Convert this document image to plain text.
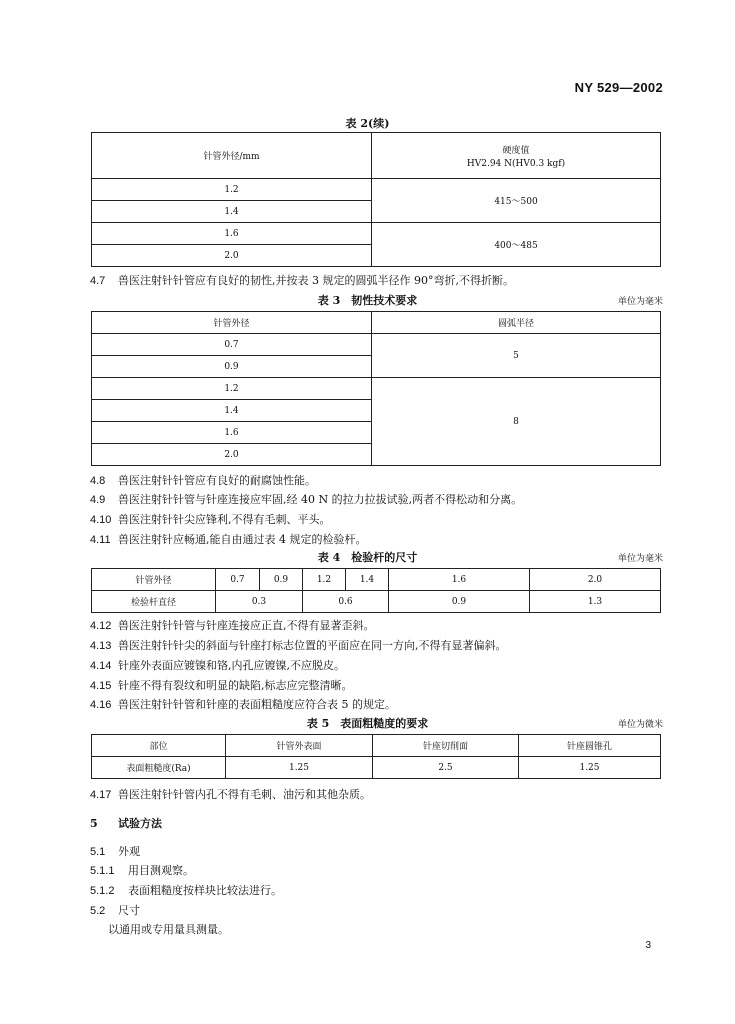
NY 529—2002
表 2(续)
针管外径/mm	硬度值
HV2.94 N(HV0.3 kgf)

1.2	415～500
1.4	
1.6	400～485
2.0	
4.7 兽医注射针针管应有良好的韧性,并按表 3 规定的圆弧半径作 90°弯折,不得折断。
表 3　韧性技术要求	单位为毫米
针管外径	圆弧半径
0.7	5
0.9	
1.2	8
1.4	
1.6	
2.0	
4.8 兽医注射针针管应有良好的耐腐蚀性能。
4.9 兽医注射针针管与针座连接应牢固,经 40 N 的拉力拉拔试验,两者不得松动和分离。
4.10 兽医注射针针尖应锋利,不得有毛刺、平头。
4.11 兽医注射针应畅通,能自由通过表 4 规定的检验杆。
表 4　检验杆的尺寸	单位为毫米
针管外径	0.7	0.9	1.2	1.4	1.6	2.0
检验杆直径	0.3		0.6		0.9	1.3
4.12 兽医注射针针管与针座连接应正直,不得有显著歪斜。
4.13 兽医注射针针尖的斜面与针座打标志位置的平面应在同一方向,不得有显著偏斜。
4.14 针座外表面应镀镍和铬,内孔应镀镍,不应脱皮。
4.15 针座不得有裂纹和明显的缺陷,标志应完整清晰。
4.16 兽医注射针针管和针座的表面粗糙度应符合表 5 的规定。
表 5　表面粗糙度的要求	单位为微米
部位	针管外表面	针座切削面	针座圆锥孔
表面粗糙度(Ra)	1.25	2.5	1.25
4.17 兽医注射针针管内孔不得有毛刺、油污和其他杂质。
5 试验方法
5.1 外观
5.1.1 用目测观察。
5.1.2 表面粗糙度按样块比较法进行。
5.2 尺寸
以通用或专用量具测量。
3
